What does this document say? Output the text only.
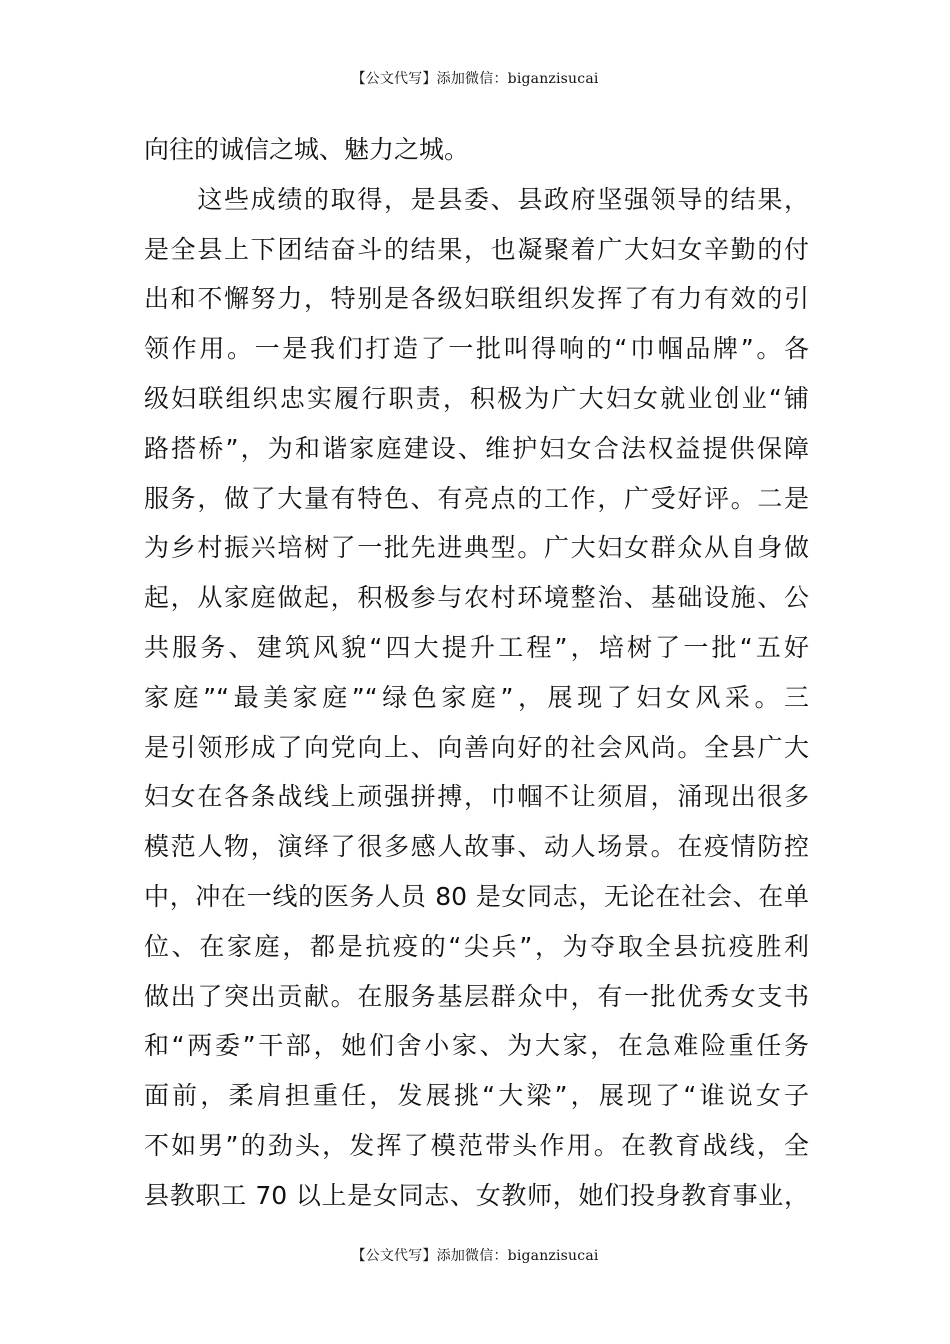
【公文代写】添加微信：biganzisucai
向往的诚信之城、魅力之城。
　　这些成绩的取得，是县委、县政府坚强领导的结果，
是全县上下团结奋斗的结果，也凝聚着广大妇女辛勤的付
出和不懈努力，特别是各级妇联组织发挥了有力有效的引
领作用。一是我们打造了一批叫得响的“巾帼品牌”。各
级妇联组织忠实履行职责，积极为广大妇女就业创业“铺
路搭桥”，为和谐家庭建设、维护妇女合法权益提供保障
服务，做了大量有特色、有亮点的工作，广受好评。二是
为乡村振兴培树了一批先进典型。广大妇女群众从自身做
起，从家庭做起，积极参与农村环境整治、基础设施、公
共服务、建筑风貌“四大提升工程”，培树了一批“五好
家庭”“最美家庭”“绿色家庭”，展现了妇女风采。三
是引领形成了向党向上、向善向好的社会风尚。全县广大
妇女在各条战线上顽强拼搏，巾帼不让须眉，涌现出很多
模范人物，演绎了很多感人故事、动人场景。在疫情防控
中，冲在一线的医务人员 80 是女同志，无论在社会、在单
位、在家庭，都是抗疫的“尖兵”，为夺取全县抗疫胜利
做出了突出贡献。在服务基层群众中，有一批优秀女支书
和“两委”干部，她们舍小家、为大家，在急难险重任务
面前，柔肩担重任，发展挑“大梁”，展现了“谁说女子
不如男”的劲头，发挥了模范带头作用。在教育战线，全
县教职工 70 以上是女同志、女教师，她们投身教育事业，
【公文代写】添加微信：biganzisucai
